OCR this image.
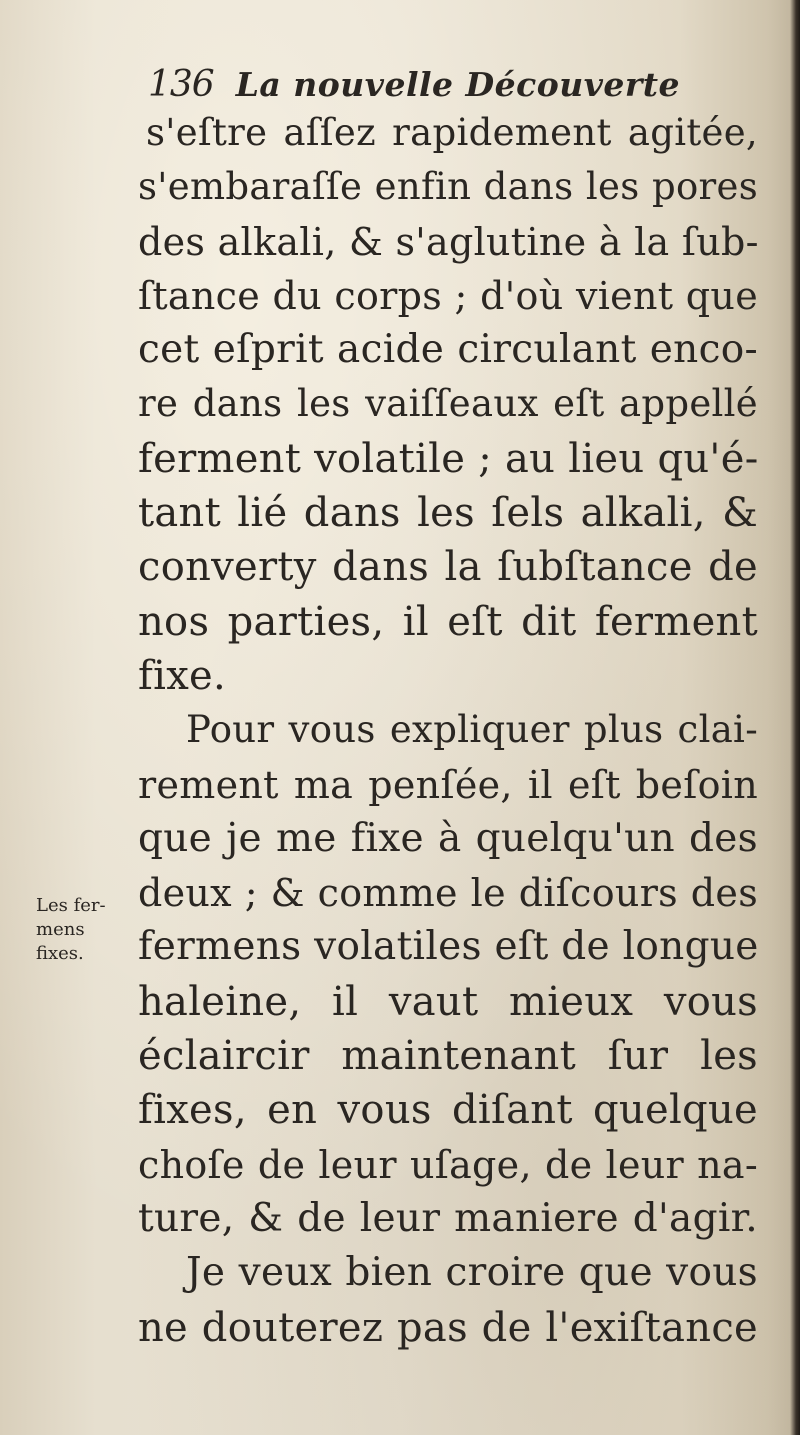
136 La nouvelle Découverte
Les fer-
mens
fixes.
s'eſtre aſſez rapidement agitée,
s'embaraſſe enfin dans les pores
des alkali, & s'aglutine à la ſub-
ſtance du corps ; d'où vient que
cet eſprit acide circulant enco-
re dans les vaiſſeaux eſt appellé
ferment volatile ; au lieu qu'é-
tant lié dans les ſels alkali, &
converty dans la ſubſtance de
nos parties, il eſt dit ferment
fixe.
Pour vous expliquer plus clai-
rement ma penſée, il eſt beſoin
que je me fixe à quelqu'un des
deux ; & comme le diſcours des
fermens volatiles eſt de longue
haleine, il vaut mieux vous
éclaircir maintenant ſur les
fixes, en vous diſant quelque
choſe de leur uſage, de leur na-
ture, & de leur maniere d'agir.
Je veux bien croire que vous
ne douterez pas de l'exiſtance
